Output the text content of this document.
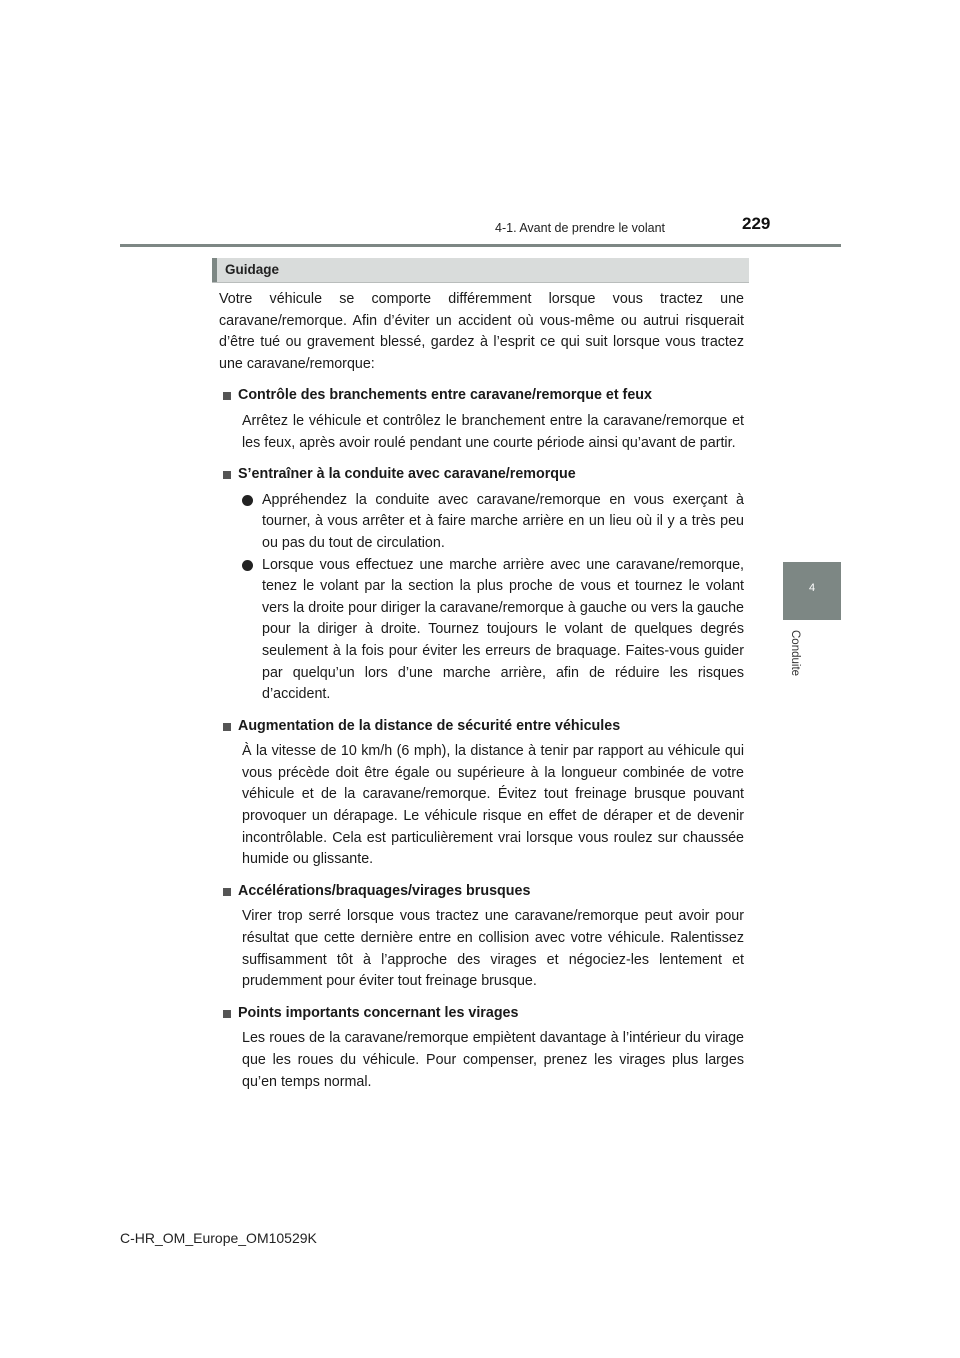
4-1. Avant de prendre le volant	229
4
Conduite
Guidage

Votre véhicule se comporte différemment lorsque vous tractez une caravane/remorque. Afin d’éviter un accident où vous-même ou autrui risquerait d’être tué ou gravement blessé, gardez à l’esprit ce qui suit lorsque vous tractez une caravane/remorque:

Contrôle des branchements entre caravane/remorque et feux

Arrêtez le véhicule et contrôlez le branchement entre la caravane/remorque et les feux, après avoir roulé pendant une courte période ainsi qu’avant de partir.

S’entraîner à la conduite avec caravane/remorque
Appréhendez la conduite avec caravane/remorque en vous exerçant à tourner, à vous arrêter et à faire marche arrière en un lieu où il y a très peu ou pas du tout de circulation.
Lorsque vous effectuez une marche arrière avec une caravane/remorque, tenez le volant par la section la plus proche de vous et tournez le volant vers la droite pour diriger la caravane/remorque à gauche ou vers la gauche pour la diriger à droite. Tournez toujours le volant de quelques degrés seulement à la fois pour éviter les erreurs de braquage. Faites-vous guider par quelqu’un lors d’une marche arrière, afin de réduire les risques d’accident.
Augmentation de la distance de sécurité entre véhicules

À la vitesse de 10 km/h (6 mph), la distance à tenir par rapport au véhicule qui vous précède doit être égale ou supérieure à la longueur combinée de votre véhicule et de la caravane/remorque. Évitez tout freinage brusque pouvant provoquer un dérapage. Le véhicule risque en effet de déraper et de devenir incontrôlable. Cela est particulièrement vrai lorsque vous roulez sur chaussée humide ou glissante.

Accélérations/braquages/virages brusques

Virer trop serré lorsque vous tractez une caravane/remorque peut avoir pour résultat que cette dernière entre en collision avec votre véhicule. Ralentissez suffisamment tôt à l’approche des virages et négociez-les lentement et prudemment pour éviter tout freinage brusque.

Points importants concernant les virages

Les roues de la caravane/remorque empiètent davantage à l’intérieur du virage que les roues du véhicule. Pour compenser, prenez les virages plus larges qu’en temps normal.

C-HR_OM_Europe_OM10529K
